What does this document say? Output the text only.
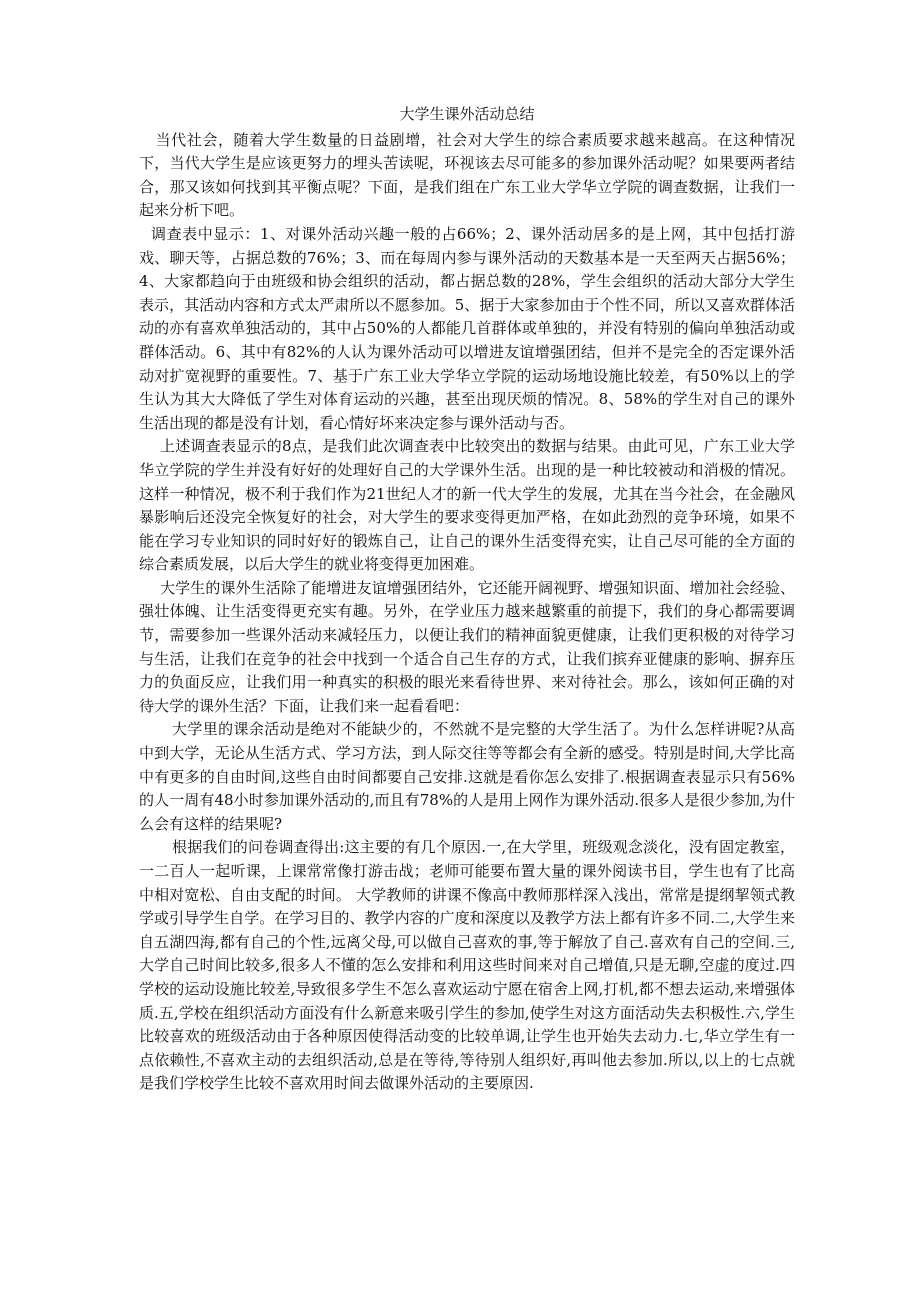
大学生课外活动总结

当代社会，随着大学生数量的日益剧增，社会对大学生的综合素质要求越来越高。在这种情况下，当代大学生是应该更努力的埋头苦读呢，环视该去尽可能多的参加课外活动呢？如果要两者结合，那又该如何找到其平衡点呢？下面，是我们组在广东工业大学华立学院的调查数据，让我们一起来分析下吧。

调查表中显示：1、对课外活动兴趣一般的占66%；2、课外活动居多的是上网，其中包括打游戏、聊天等，占据总数的76%；3、而在每周内参与课外活动的天数基本是一天至两天占据56%；4、大家都趋向于由班级和协会组织的活动，都占据总数的28%，学生会组织的活动大部分大学生表示，其活动内容和方式太严肃所以不愿参加。5、据于大家参加由于个性不同，所以又喜欢群体活动的亦有喜欢单独活动的，其中占50%的人都能几首群体或单独的，并没有特别的偏向单独活动或群体活动。6、其中有82%的人认为课外活动可以增进友谊增强团结，但并不是完全的否定课外活动对扩宽视野的重要性。7、基于广东工业大学华立学院的运动场地设施比较差，有50%以上的学生认为其大大降低了学生对体育运动的兴趣，甚至出现厌烦的情况。8、58%的学生对自己的课外生活出现的都是没有计划，看心情好坏来决定参与课外活动与否。

上述调查表显示的8点，是我们此次调查表中比较突出的数据与结果。由此可见，广东工业大学华立学院的学生并没有好好的处理好自己的大学课外生活。出现的是一种比较被动和消极的情况。这样一种情况，极不利于我们作为21世纪人才的新一代大学生的发展，尤其在当今社会，在金融风暴影响后还没完全恢复好的社会，对大学生的要求变得更加严格，在如此劲烈的竞争环境，如果不能在学习专业知识的同时好好的锻炼自己，让自己的课外生活变得充实，让自己尽可能的全方面的综合素质发展，以后大学生的就业将变得更加困难。

大学生的课外生活除了能增进友谊增强团结外，它还能开阔视野、增强知识面、增加社会经验、强壮体魄、让生活变得更充实有趣。另外，在学业压力越来越繁重的前提下，我们的身心都需要调节，需要参加一些课外活动来减轻压力，以便让我们的精神面貌更健康，让我们更积极的对待学习与生活，让我们在竞争的社会中找到一个适合自己生存的方式，让我们摈弃亚健康的影响、摒弃压力的负面反应，让我们用一种真实的积极的眼光来看待世界、来对待社会。那么，该如何正确的对待大学的课外生活？下面，让我们来一起看看吧：

大学里的课余活动是绝对不能缺少的，不然就不是完整的大学生活了。为什么怎样讲呢?从高中到大学，无论从生活方式、学习方法，到人际交往等等都会有全新的感受。特别是时间,大学比高中有更多的自由时间,这些自由时间都要自己安排.这就是看你怎么安排了.根据调查表显示只有56%的人一周有48小时参加课外活动的,而且有78%的人是用上网作为课外活动.很多人是很少参加,为什么会有这样的结果呢?

根据我们的问卷调查得出:这主要的有几个原因.一,在大学里，班级观念淡化，没有固定教室，一二百人一起听课，上课常常像打游击战；老师可能要布置大量的课外阅读书目，学生也有了比高中相对宽松、自由支配的时间。 大学教师的讲课不像高中教师那样深入浅出，常常是提纲挈领式教学或引导学生自学。在学习目的、教学内容的广度和深度以及教学方法上都有许多不同.二,大学生来自五湖四海,都有自己的个性,远离父母,可以做自己喜欢的事,等于解放了自己.喜欢有自己的空间.三,大学自己时间比较多,很多人不懂的怎么安排和利用这些时间来对自己增值,只是无聊,空虚的度过.四学校的运动设施比较差,导致很多学生不怎么喜欢运动宁愿在宿舍上网,打机,都不想去运动,来增强体质.五,学校在组织活动方面没有什么新意来吸引学生的参加,使学生对这方面活动失去积极性.六,学生比较喜欢的班级活动由于各种原因使得活动变的比较单调,让学生也开始失去动力.七,华立学生有一点依赖性,不喜欢主动的去组织活动,总是在等待,等待别人组织好,再叫他去参加.所以,以上的七点就是我们学校学生比较不喜欢用时间去做课外活动的主要原因.
